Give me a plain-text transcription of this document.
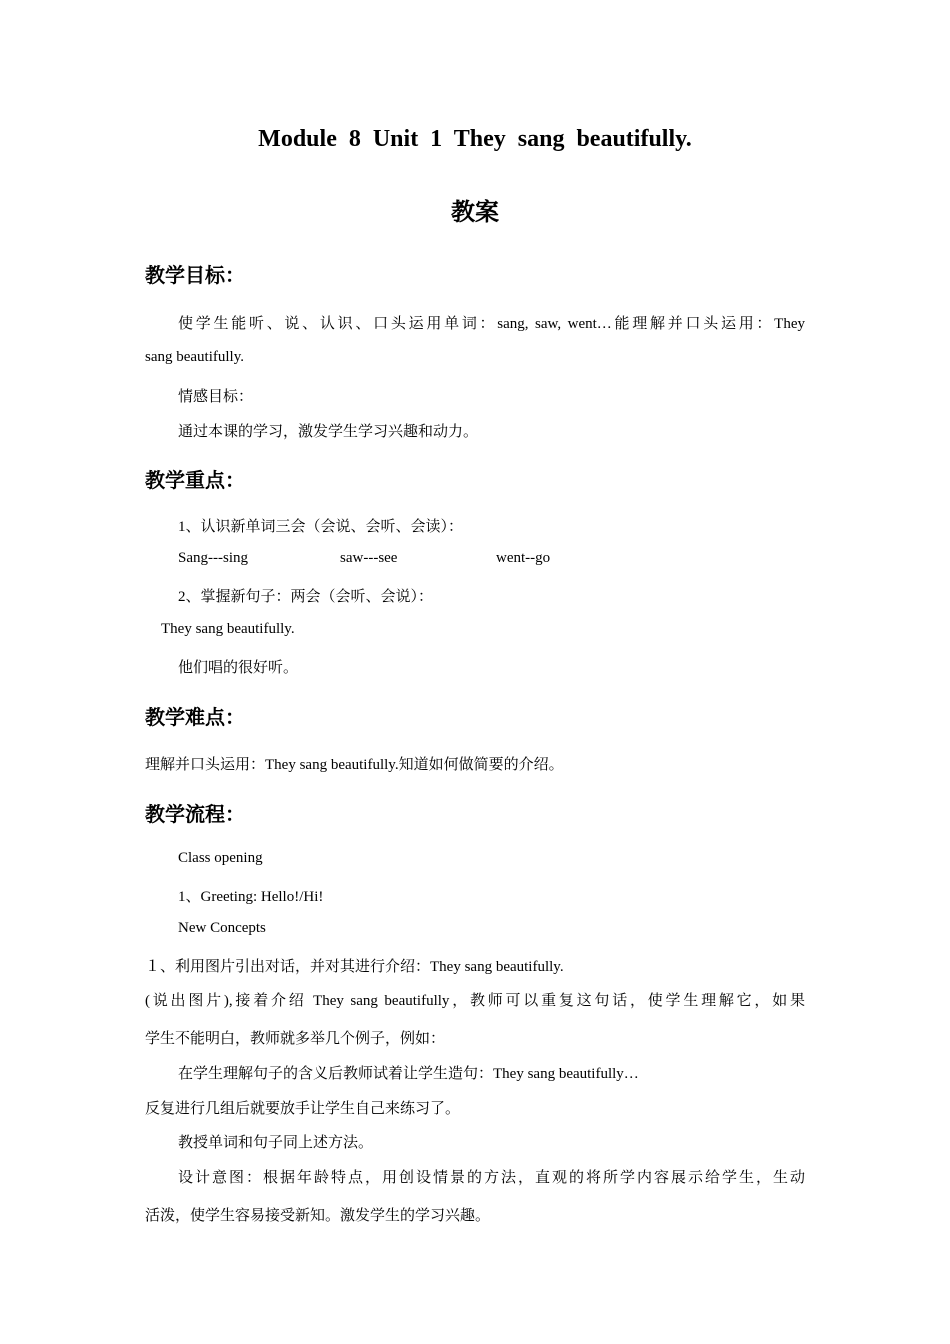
Module 8 Unit 1 They sang beautifully.
教案
教学目标：
使学生能听、说、认识、口头运用单词：sang, saw, went…能理解并口头运用：They
sang beautifully.
情感目标：
通过本课的学习，激发学生学习兴趣和动力。
教学重点：
1、认识新单词三会（会说、会听、会读）：
Sang---sing	saw---see	went--go
2、掌握新句子：两会（会听、会说）：
They sang beautifully.
他们唱的很好听。
教学难点：
理解并口头运用：They sang beautifully.知道如何做简要的介绍。
教学流程：
Class opening
1、Greeting: Hello!/Hi!
New Concepts
１、利用图片引出对话，并对其进行介绍：They sang beautifully.
(说出图片),接着介绍 They sang beautifully，教师可以重复这句话，使学生理解它，如果
学生不能明白，教师就多举几个例子，例如：
在学生理解句子的含义后教师试着让学生造句：They sang beautifully…
反复进行几组后就要放手让学生自己来练习了。
教授单词和句子同上述方法。
设计意图：根据年龄特点，用创设情景的方法，直观的将所学内容展示给学生，生动
活泼，使学生容易接受新知。激发学生的学习兴趣。
